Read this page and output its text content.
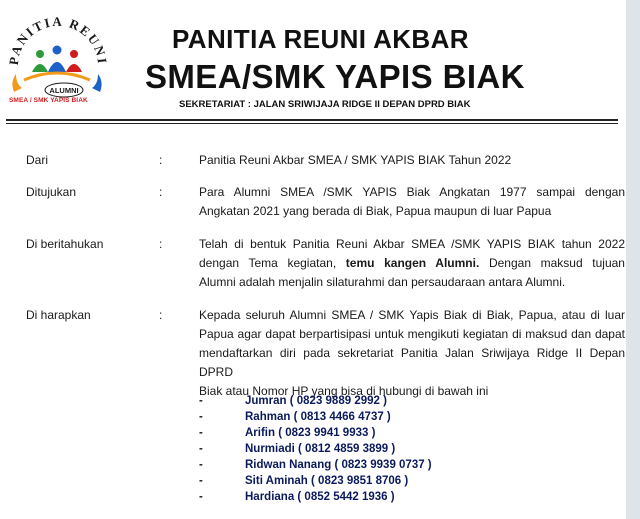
PANITIA REUNI
ALUMNI
SMEA / SMK YAPIS BIAK
PANITIA REUNI AKBAR
SMEA/SMK YAPIS BIAK
SEKRETARIAT : JALAN SRIWIJAJA RIDGE II DEPAN DPRD BIAK
Dari	:	Panitia Reuni Akbar SMEA / SMK YAPIS BIAK Tahun 2022
Ditujukan	:	Para Alumni SMEA /SMK YAPIS Biak Angkatan 1977 sampai dengan
Angkatan 2021 yang berada di Biak, Papua maupun di luar Papua
Di beritahukan	:	Telah di bentuk Panitia Reuni Akbar SMEA /SMK YAPIS BIAK tahun 2022
dengan Tema kegiatan, temu kangen Alumni. Dengan maksud tujuan
Alumni adalah menjalin silaturahmi dan persaudaraan antara Alumni.
Di harapkan	:	Kepada seluruh Alumni SMEA / SMK Yapis Biak di Biak, Papua, atau di luar
Papua agar dapat berpartisipasi untuk mengikuti kegiatan di maksud dan dapat
mendaftarkan diri pada sekretariat Panitia Jalan Sriwijaya Ridge II Depan DPRD
Biak atau Nomor HP yang bisa di hubungi di bawah ini
-	Jumran ( 0823 9889 2992 )
-	Rahman ( 0813 4466 4737 )
-	Arifin ( 0823 9941 9933 )
-	Nurmiadi ( 0812 4859 3899 )
-	Ridwan Nanang ( 0823 9939 0737 )
-	Siti Aminah ( 0823 9851 8706 )
-	Hardiana ( 0852 5442 1936 )
